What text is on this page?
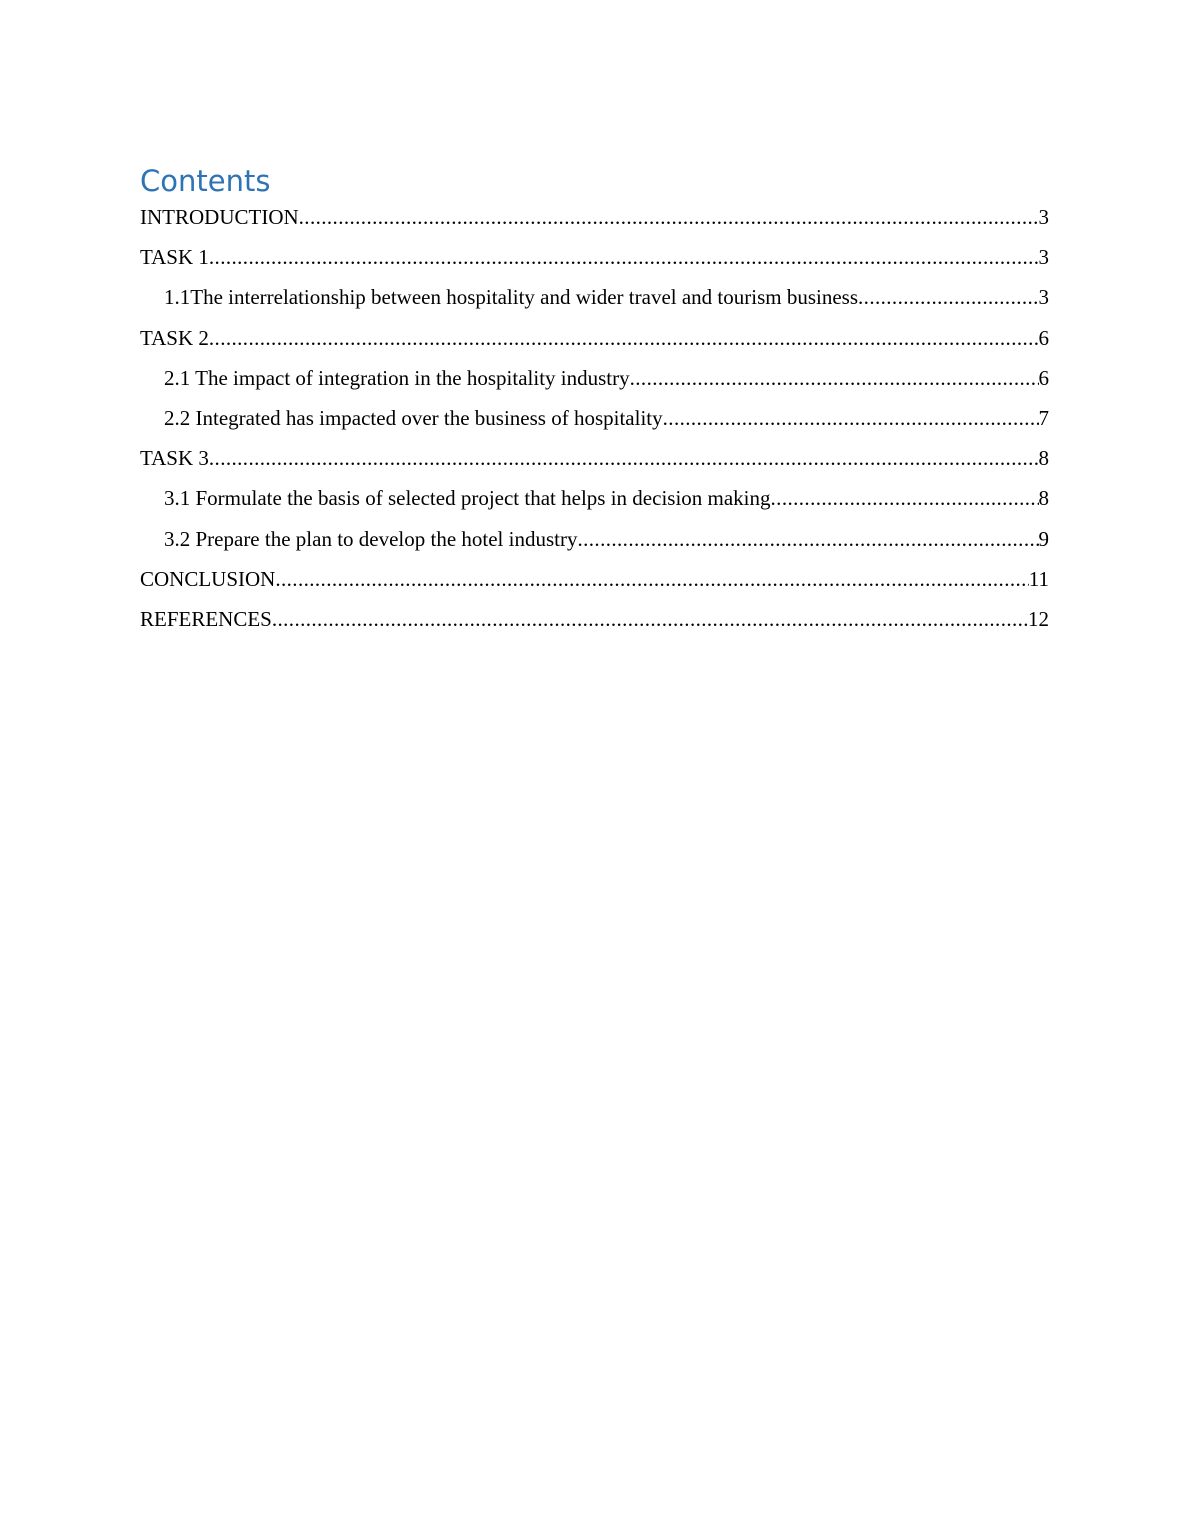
Contents
INTRODUCTION .....	3
TASK 1 .....	3
1.1The interrelationship between hospitality and wider travel and tourism business .....	3
TASK 2 .....	6
2.1 The impact of integration in the hospitality industry .....	6
2.2 Integrated has impacted over the business of hospitality .....	7
TASK 3 .....	8
3.1 Formulate the basis of selected project that helps in decision making .....	8
3.2 Prepare the plan to develop the hotel industry .....	9
CONCLUSION .....	11
REFERENCES .....	12
